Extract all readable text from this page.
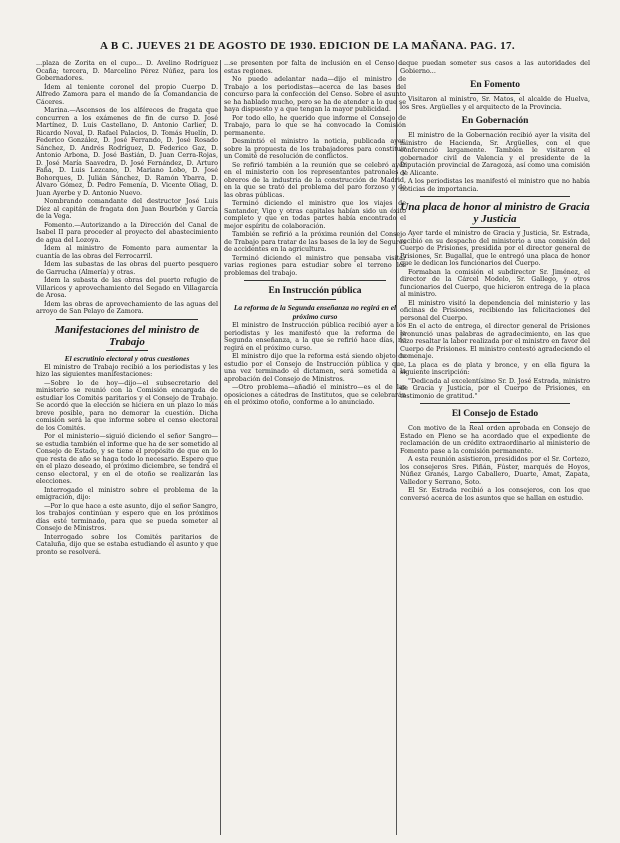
A B C. JUEVES 21 DE AGOSTO DE 1930. EDICION DE LA MAÑANA. PAG. 17.

...plaza de Zorita en el cupo... D. Avelino Rodríguez Ocaña; tercera, D. Marcelino Pérez Núñez, para los Gobernadores.

Ídem al teniente coronel del propio Cuerpo D. Alfredo Zamora para el mando de la Comandancia de Cáceres.

Marina.—Ascensos de los alféreces de fragata que concurren a los exámenes de fin de curso D. José Martínez, D. Luis Castellano, D. Antonio Carlier, D. Ricardo Noval, D. Rafael Palacios, D. Tomás Huelín, D. Federico González, D. José Ferrando, D. José Rosado Sánchez, D. Andrés Rodríguez, D. Federico Gaz, D. Antonio Arbona, D. José Bastián, D. Juan Cerra-Rojas, D. José María Saavedra, D. José Fernández, D. Arturo Faña, D. Luis Lezcano, D. Mariano Lobo, D. José Bohorques, D. Julián Sánchez, D. Ramón Ybarra, D. Álvaro Gómez, D. Pedro Femenía, D. Vicente Oliag, D. Juan Ayerbe y D. Antonio Nuevo.

Nombrando comandante del destructor José Luis Díez al capitán de fragata don Juan Bourbón y García de la Vega.

Fomento.—Autorizando a la Dirección del Canal de Isabel II para proceder al proyecto del abastecimiento de agua del Lozoya.

Ídem al ministro de Fomento para aumentar la cuantía de las obras del Ferrocarril.

Ídem las subastas de las obras del puerto pesquero de Garrucha (Almería) y otras.

Ídem la subasta de las obras del puerto refugio de Villaricos y aprovechamiento del Segado en Villagarcía de Arosa.

Ídem las obras de aprovechamiento de las aguas del arroyo de San Pelayo de Zamora.

Manifestaciones del ministro de Trabajo
El escrutinio electoral y otras cuestiones

El ministro de Trabajo recibió a los periodistas y les hizo las siguientes manifestaciones:

—Sobre lo de hoy—dijo—el subsecretario del ministerio se reunió con la Comisión encargada de estudiar los Comités paritarios y el Consejo de Trabajo. Se acordó que la elección se hiciera en un plazo lo más breve posible, para no demorar la cuestión. Dicha comisión será la que informe sobre el censo electoral de los Comités.

Por el ministerio—siguió diciendo el señor Sangro—se estudia también el informe que ha de ser sometido al Consejo de Estado, y se tiene el propósito de que en lo que resta de año se haga todo lo necesario. Espero que en el plazo deseado, el próximo diciembre, se tendrá el censo electoral, y en el de otoño se realizarán las elecciones.

Interrogado el ministro sobre el problema de la emigración, dijo:

—Por lo que hace a este asunto, dijo el señor Sangro, los trabajos continúan y espero que en los próximos días esté terminado, para que se pueda someter al Consejo de Ministros.

Interrogado sobre los Comités paritarios de Cataluña, dijo que se estaba estudiando el asunto y que pronto se resolverá.

...se presenten por falta de inclusión en el Censo de estas regiones.

No puedo adelantar nada—dijo el ministro de Trabajo a los periodistas—acerca de las bases del concurso para la confección del Censo. Sobre el asunto se ha hablado mucho, pero se ha de atender a lo que se haya dispuesto y a que tengan la mayor publicidad.

Por todo ello, he querido que informe el Consejo de Trabajo, para lo que se ha convocado la Comisión permanente.

Desmintió el ministro la noticia, publicada ayer, sobre la propuesta de los trabajadores para constituir un Comité de resolución de conflictos.

Se refirió también a la reunión que se celebró ayer en el ministerio con los representantes patronales y obreros de la industria de la construcción de Madrid, en la que se trató del problema del paro forzoso y de las obras públicas.

Terminó diciendo el ministro que los viajes de Santander, Vigo y otras capitales habían sido un éxito completo y que en todas partes había encontrado el mejor espíritu de colaboración.

También se refirió a la próxima reunión del Consejo de Trabajo para tratar de las bases de la ley de Seguros de accidentes en la agricultura.

Terminó diciendo el ministro que pensaba visitar varias regiones para estudiar sobre el terreno los problemas del trabajo.

En Instrucción pública
La reforma de la Segunda enseñanza no regirá en el próximo curso

El ministro de Instrucción pública recibió ayer a los periodistas y les manifestó que la reforma de la Segunda enseñanza, a la que se refirió hace días, no regirá en el próximo curso.

El ministro dijo que la reforma está siendo objeto de estudio por el Consejo de Instrucción pública y que, una vez terminado el dictamen, será sometida a la aprobación del Consejo de Ministros.

—Otro problema—añadió el ministro—es el de las oposiciones a cátedras de Institutos, que se celebrarán en el próximo otoño, conforme a lo anunciado.

...que puedan someter sus casos a las autoridades del Gobierno...

En Fomento

Visitaron al ministro, Sr. Matos, el alcalde de Huelva, los Sres. Argüelles y el arquitecto de la Provincia.

En Gobernación

El ministro de la Gobernación recibió ayer la visita del ministro de Hacienda, Sr. Argüelles, con el que conferenció largamente. También le visitaron el gobernador civil de Valencia y el presidente de la Diputación provincial de Zaragoza, así como una comisión de Alicante.

A los periodistas les manifestó el ministro que no había noticias de importancia.

Una placa de honor al ministro de Gracia y Justicia

Ayer tarde el ministro de Gracia y Justicia, Sr. Estrada, recibió en su despacho del ministerio a una comisión del Cuerpo de Prisiones, presidida por el director general de Prisiones, Sr. Bugallal, que le entregó una placa de honor que le dedican los funcionarios del Cuerpo.

Formaban la comisión el subdirector Sr. Jiménez, el director de la Cárcel Modelo, Sr. Gallego, y otros funcionarios del Cuerpo, que hicieron entrega de la placa al ministro.

El ministro visitó la dependencia del ministerio y las oficinas de Prisiones, recibiendo las felicitaciones del personal del Cuerpo.

En el acto de entrega, el director general de Prisiones pronunció unas palabras de agradecimiento, en las que hizo resaltar la labor realizada por el ministro en favor del Cuerpo de Prisiones. El ministro contestó agradeciendo el homenaje.

La placa es de plata y bronce, y en ella figura la siguiente inscripción:

"Dedicada al excelentísimo Sr. D. José Estrada, ministro de Gracia y Justicia, por el Cuerpo de Prisiones, en testimonio de gratitud."

El Consejo de Estado

Con motivo de la Real orden aprobada en Consejo de Estado en Pleno se ha acordado que el expediente de reclamación de un crédito extraordinario al ministerio de Fomento pase a la comisión permanente.

A esta reunión asistieron, presididos por el Sr. Cortezo, los consejeros Sres. Piñán, Fúster, marqués de Hoyos, Núñez Granés, Largo Caballero, Duarte, Amat, Zapata, Valledor y Serrano, Soto.

El Sr. Estrada recibió a los consejeros, con los que conversó acerca de los asuntos que se hallan en estudio.
